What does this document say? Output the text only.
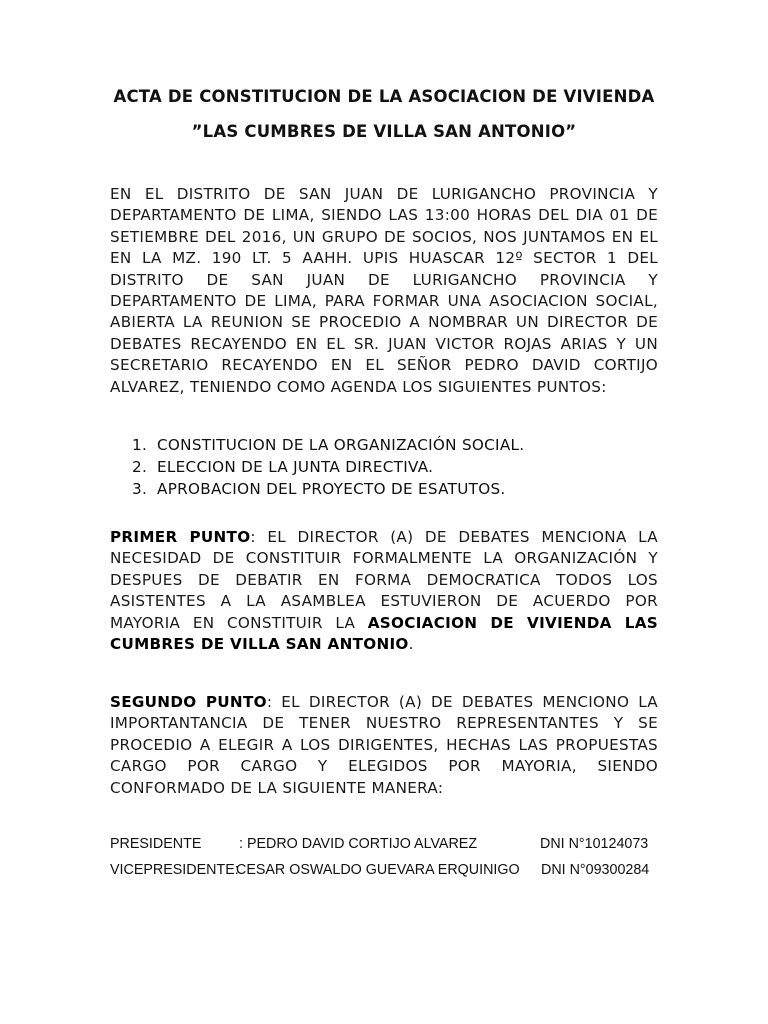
ACTA DE CONSTITUCION DE LA ASOCIACION DE VIVIENDA
”LAS CUMBRES DE VILLA SAN ANTONIO”

EN EL DISTRITO DE SAN JUAN DE LURIGANCHO PROVINCIA Y DEPARTAMENTO DE LIMA, SIENDO LAS 13:00 HORAS DEL DIA 01 DE SETIEMBRE DEL 2016, UN GRUPO DE SOCIOS, NOS JUNTAMOS EN EL EN LA MZ. 190 LT. 5 AAHH. UPIS HUASCAR 12º SECTOR 1 DEL DISTRITO DE SAN JUAN DE LURIGANCHO PROVINCIA Y DEPARTAMENTO DE LIMA, PARA FORMAR UNA ASOCIACION SOCIAL, ABIERTA LA REUNION SE PROCEDIO A NOMBRAR UN DIRECTOR DE DEBATES RECAYENDO EN EL SR. JUAN VICTOR ROJAS ARIAS Y UN SECRETARIO RECAYENDO EN EL SEÑOR PEDRO DAVID CORTIJO ALVAREZ, TENIENDO COMO AGENDA LOS SIGUIENTES PUNTOS:

1. CONSTITUCION DE LA ORGANIZACIÓN SOCIAL.
2. ELECCION DE LA JUNTA DIRECTIVA.
3. APROBACION DEL PROYECTO DE ESATUTOS.

PRIMER PUNTO: EL DIRECTOR (A) DE DEBATES MENCIONA LA NECESIDAD DE CONSTITUIR FORMALMENTE LA ORGANIZACIÓN Y DESPUES DE DEBATIR EN FORMA DEMOCRATICA TODOS LOS ASISTENTES A LA ASAMBLEA ESTUVIERON DE ACUERDO POR MAYORIA EN CONSTITUIR LA ASOCIACION DE VIVIENDA LAS CUMBRES DE VILLA SAN ANTONIO.

SEGUNDO PUNTO: EL DIRECTOR (A) DE DEBATES MENCIONO LA IMPORTANTANCIA DE TENER NUESTRO REPRESENTANTES Y SE PROCEDIO A ELEGIR A LOS DIRIGENTES, HECHAS LAS PROPUESTAS CARGO POR CARGO Y ELEGIDOS POR MAYORIA, SIENDO CONFORMADO DE LA SIGUIENTE MANERA:

PRESIDENTE	: PEDRO DAVID CORTIJO ALVAREZ	DNI N°10124073
VICEPRESIDENTE:
CESAR OSWALDO GUEVARA ERQUINIGO DNI N°09300284
